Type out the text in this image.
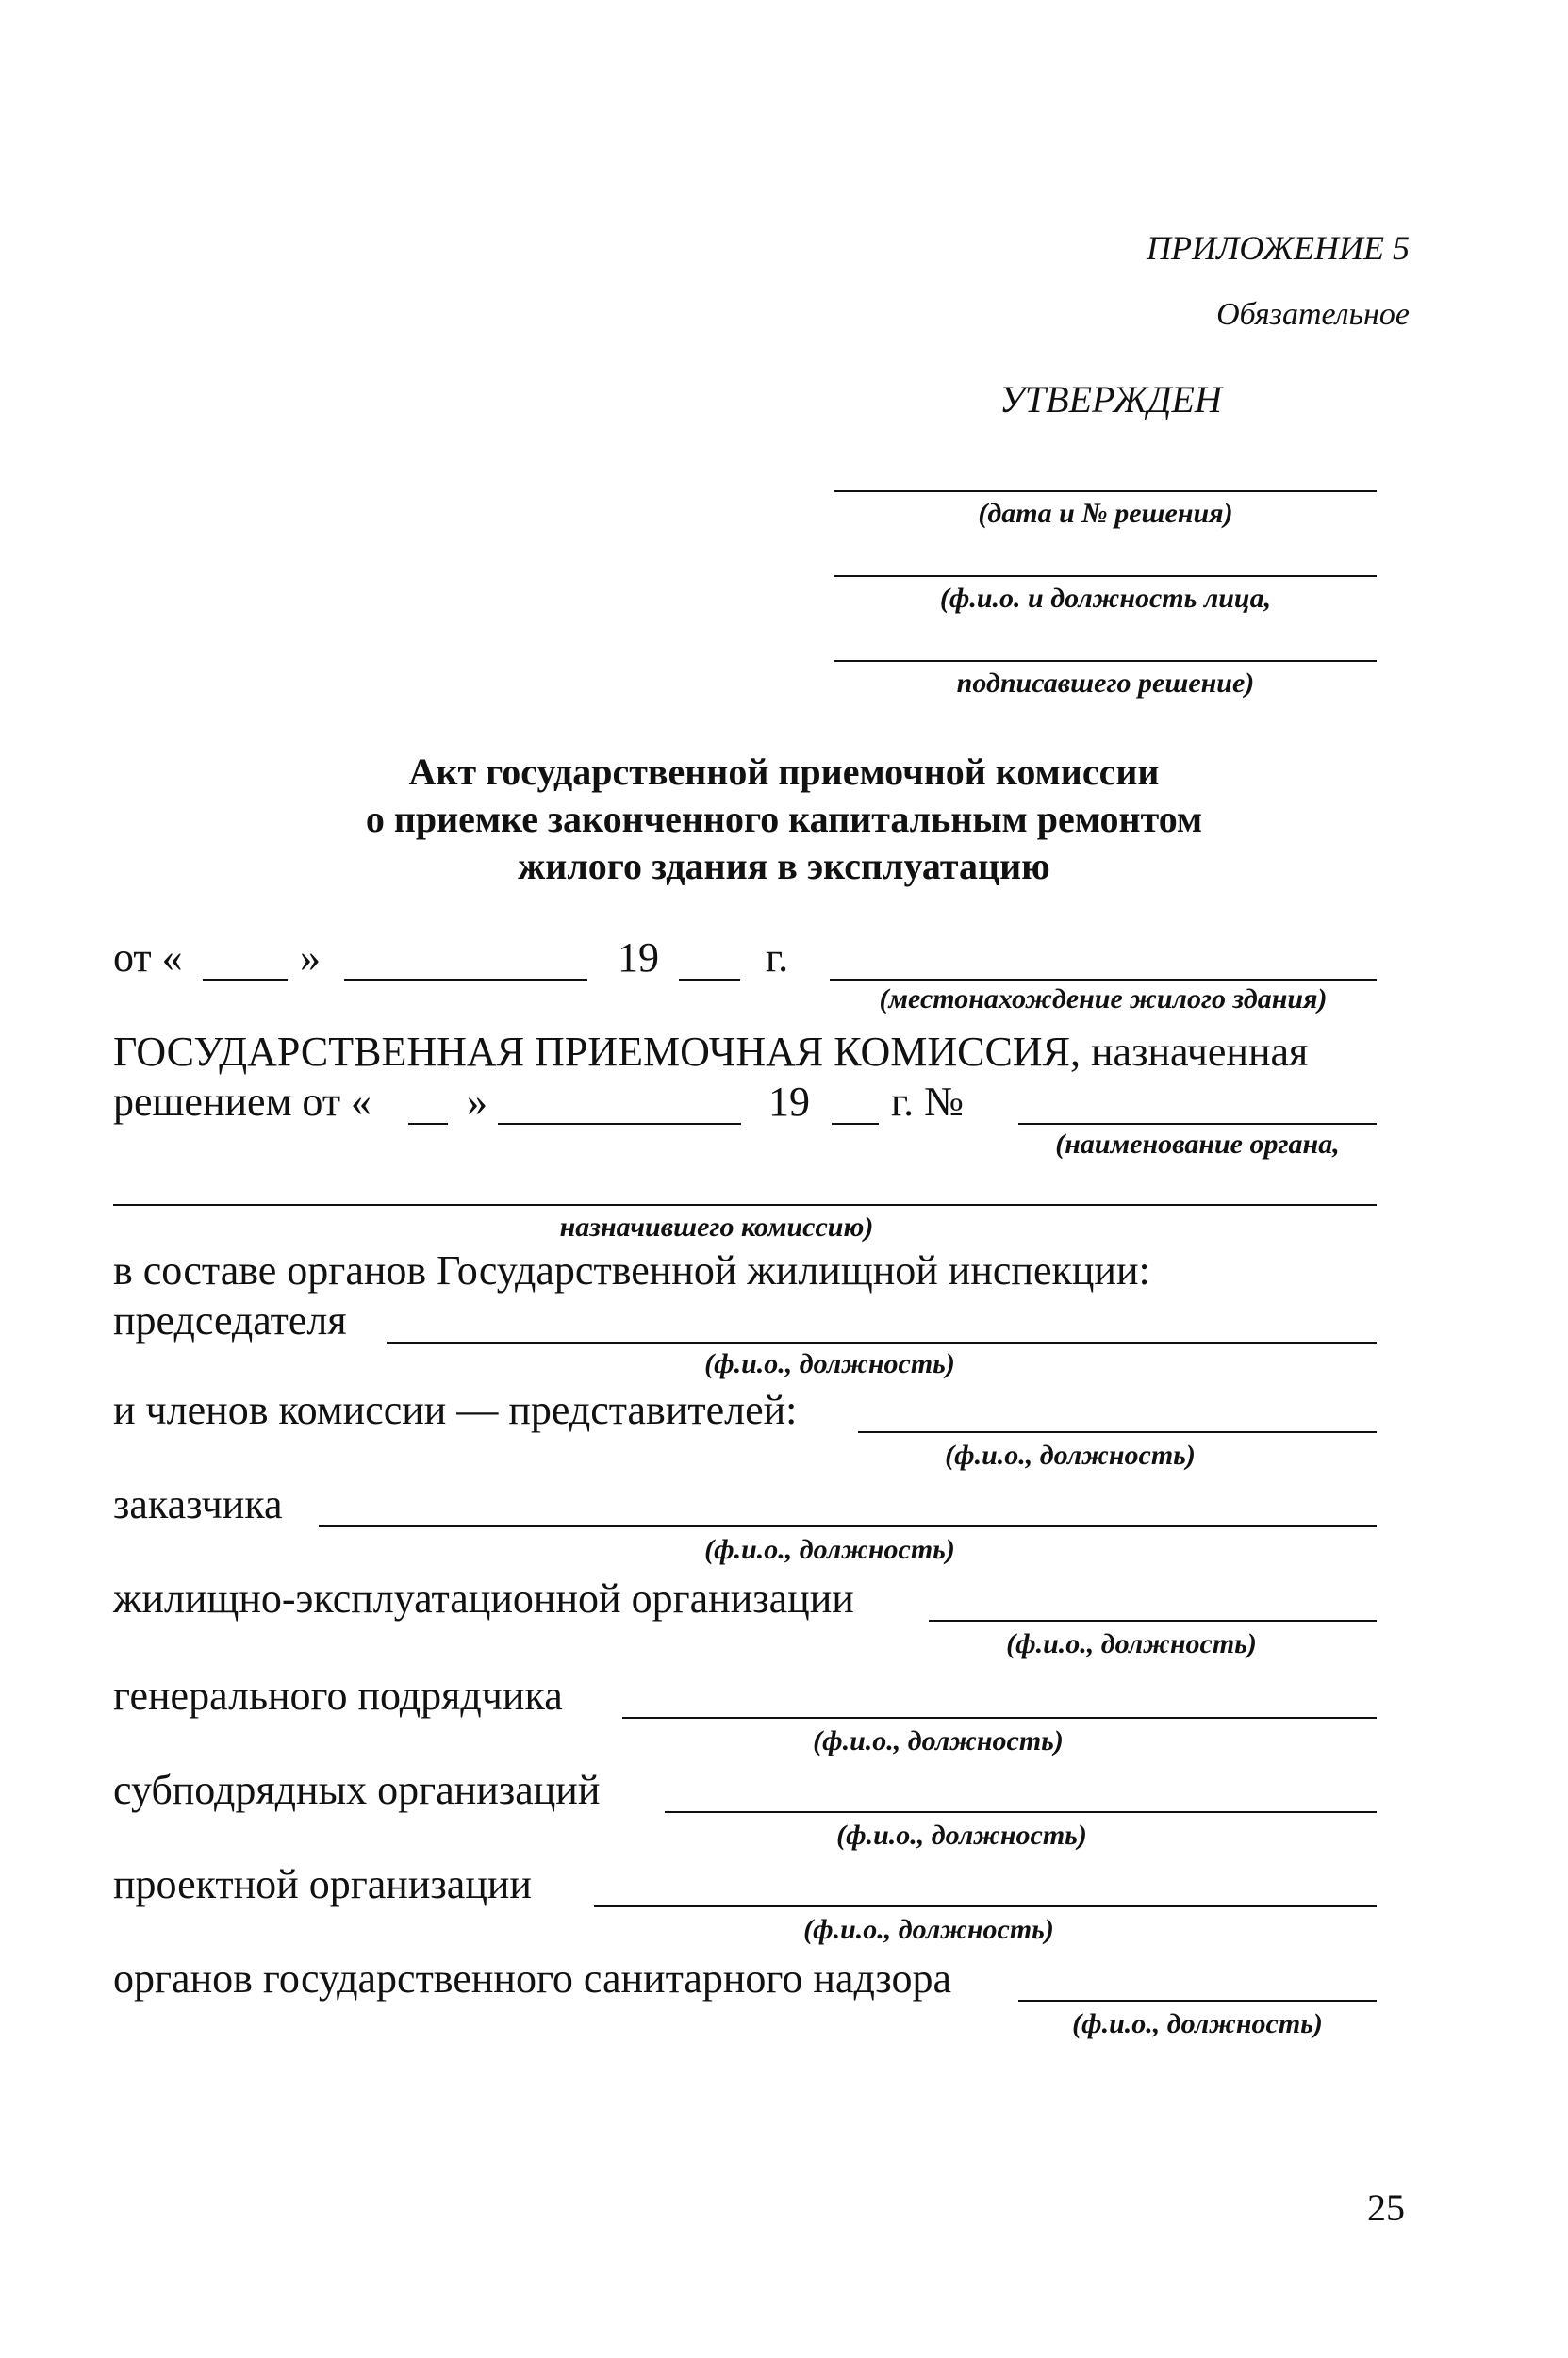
ПРИЛОЖЕНИЕ 5
Обязательное
УТВЕРЖДЕН
(дата и № решения)
(ф.и.о. и должность лица,
подписавшего решение)
Акт государственной приемочной комиссии
о приемке законченного капитальным ремонтом
жилого здания в эксплуатацию
от «	»	19	г.
(местонахождение жилого здания)
ГОСУДАРСТВЕННАЯ ПРИЕМОЧНАЯ КОМИССИЯ, назначенная
решением от « »	19 г. №
(наименование органа,
назначившего комиссию)
в составе органов Государственной жилищной инспекции:
председателя
(ф.и.о., должность)
и членов комиссии — представителей:
(ф.и.о., должность)
заказчика
(ф.и.о., должность)
жилищно-эксплуатационной организации
(ф.и.о., должность)
генерального подрядчика
(ф.и.о., должность)
субподрядных организаций
(ф.и.о., должность)
проектной организации
(ф.и.о., должность)
органов государственного санитарного надзора
(ф.и.о., должность)
25
